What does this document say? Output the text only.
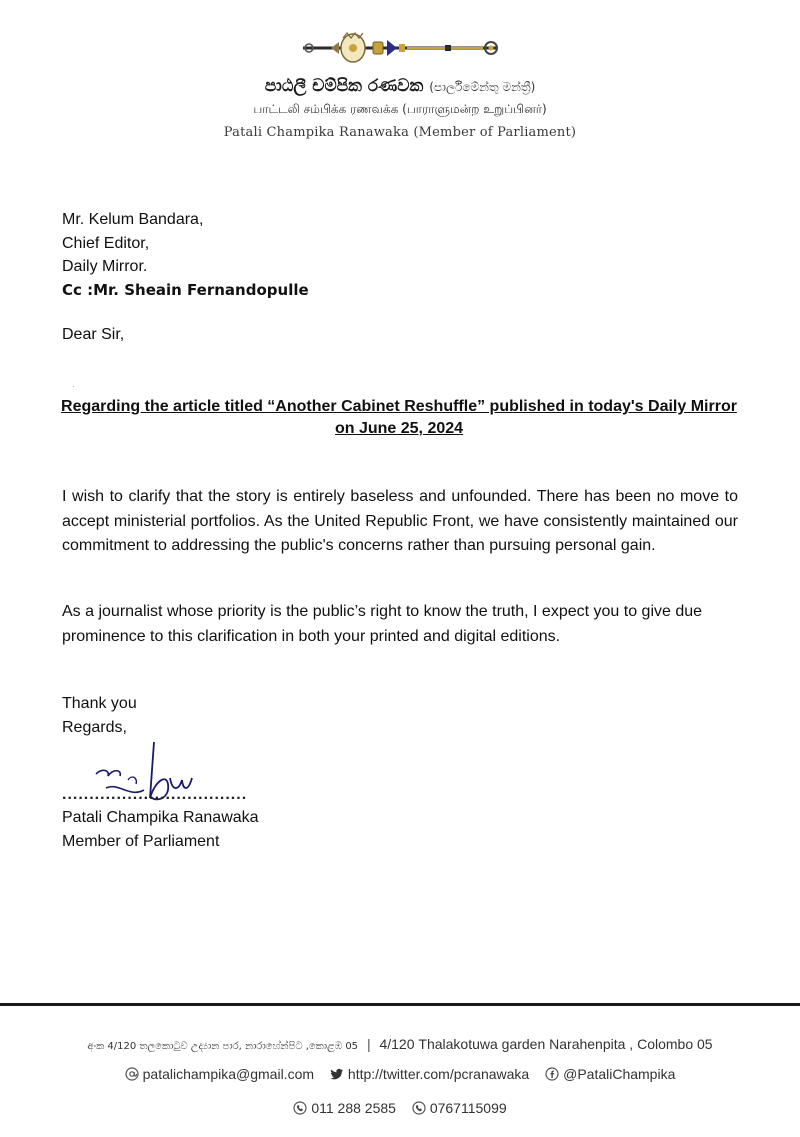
පාඨලී චම්පික රණවක (පාර්ලිමේන්තු මන්ත්‍රී)
பாட்டலி சம்பிக்க ரணவக்க (பாராளுமன்ற உறுப்பினர்)
Patali Champika Ranawaka (Member of Parliament)
Mr. Kelum Bandara,
Chief Editor,
Daily Mirror.
Cc :Mr. Sheain Fernandopulle
Dear Sir,
·
Regarding the article titled “Another Cabinet Reshuffle” published in today's Daily Mirror on June 25, 2024
I wish to clarify that the story is entirely baseless and unfounded. There has been no move to accept ministerial portfolios. As the United Republic Front, we have consistently maintained our commitment to addressing the public's concerns rather than pursuing personal gain.
As a journalist whose priority is the public’s right to know the truth, I expect you to give due prominence to this clarification in both your printed and digital editions.
Thank you
Regards,
..................................
Patali Champika Ranawaka
Member of Parliament
අංක 4/120 තලකොටුව උද්‍යාන පාර, නාරාහේන්පිට ,කොළඹ 05 | 4/120 Thalakotuwa garden Narahenpita , Colombo 05
patalichampika@gmail.com http://twitter.com/pcranawaka @PataliChampika
011 288 2585 0767115099
